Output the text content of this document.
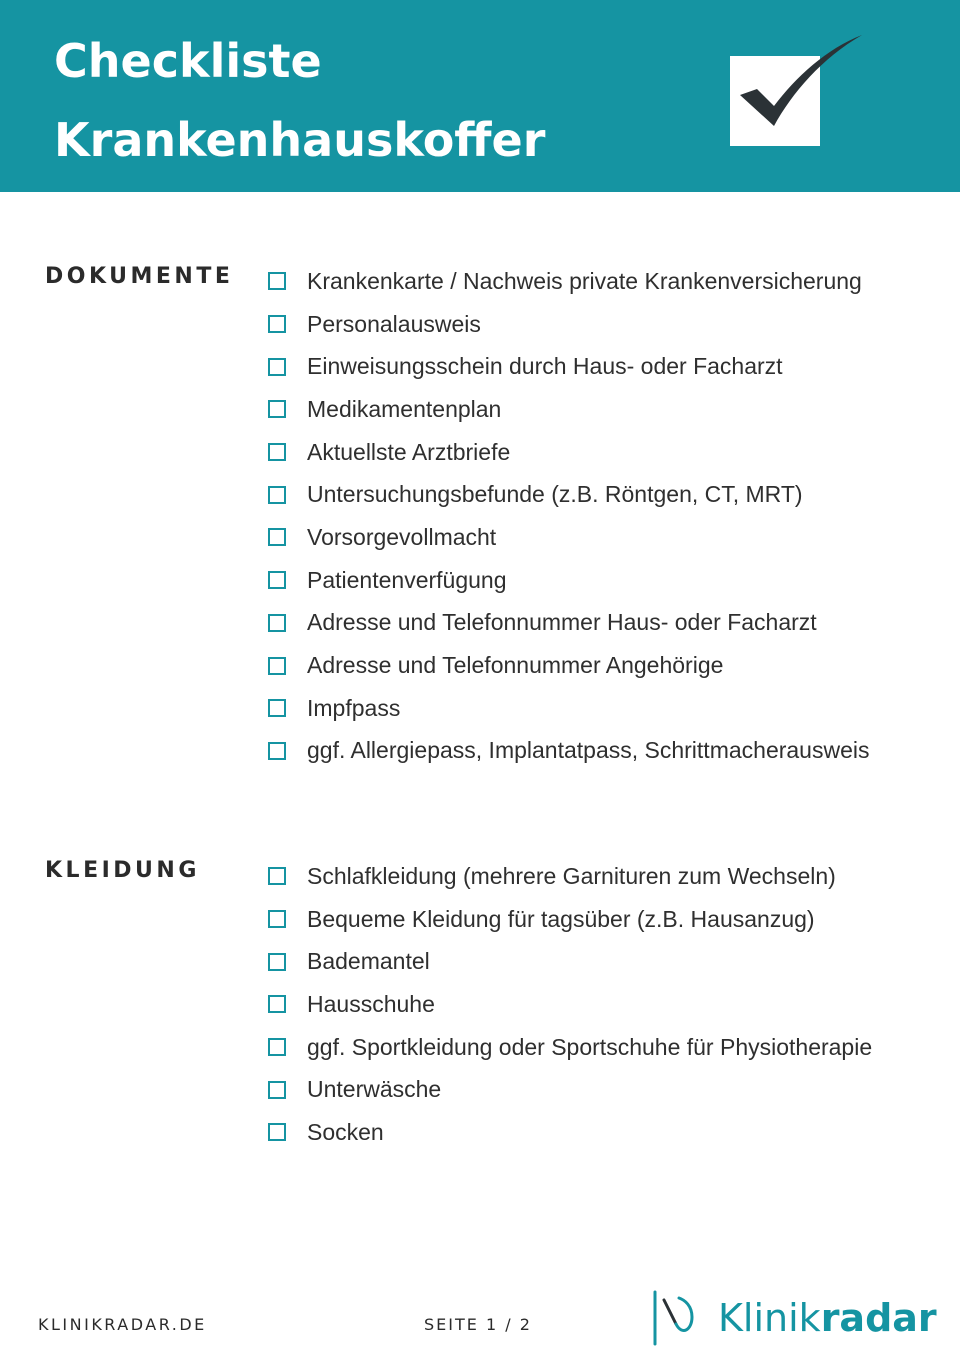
Checkliste
Krankenhauskoffer
DOKUMENTE	Krankenkarte / Nachweis private Krankenversicherung
Personalausweis
Einweisungsschein durch Haus- oder Facharzt
Medikamentenplan
Aktuellste Arztbriefe
Untersuchungsbefunde (z.B. Röntgen, CT, MRT)
Vorsorgevollmacht
Patientenverfügung
Adresse und Telefonnummer Haus- oder Facharzt
Adresse und Telefonnummer Angehörige
Impfpass
ggf. Allergiepass, Implantatpass, Schrittmacherausweis
KLEIDUNG	Schlafkleidung (mehrere Garnituren zum Wechseln)
Bequeme Kleidung für tagsüber (z.B. Hausanzug)
Bademantel
Hausschuhe
ggf. Sportkleidung oder Sportschuhe für Physiotherapie
Unterwäsche
Socken
KLINIKRADAR.DE	SEITE 1 / 2	Klinikradar
